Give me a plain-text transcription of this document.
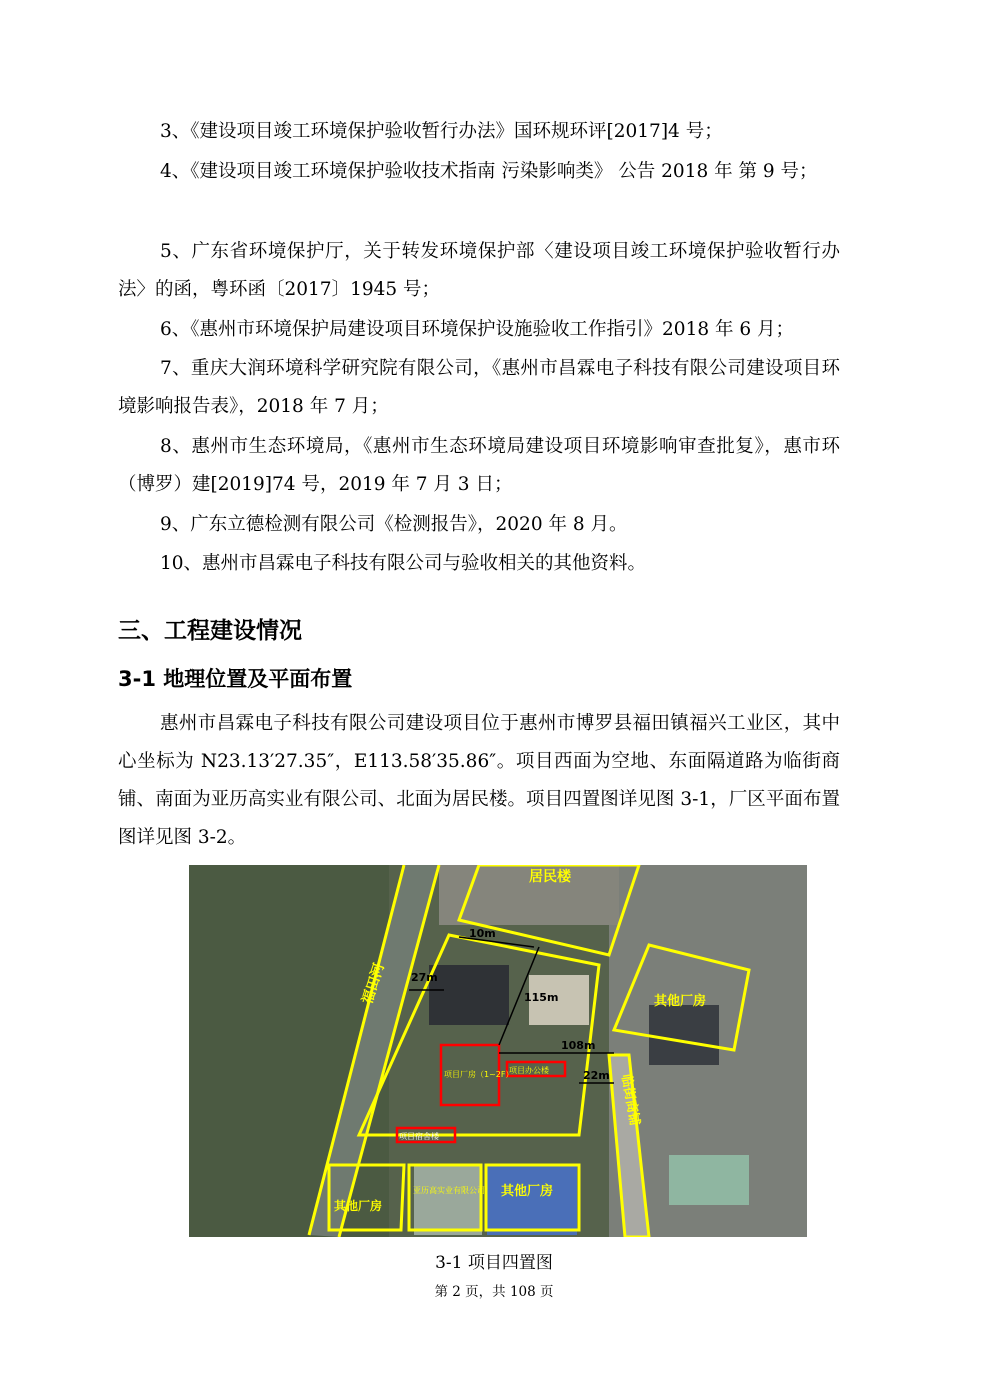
3、《建设项目竣工环境保护验收暂行办法》国环规环评[2017]4 号；
4、《建设项目竣工环境保护验收技术指南 污染影响类》 公告 2018 年 第 9 号；
5、广东省环境保护厅，关于转发环境保护部〈建设项目竣工环境保护验收暂行办法〉的函，粤环函〔2017〕1945 号；
6、《惠州市环境保护局建设项目环境保护设施验收工作指引》2018 年 6 月；
7、重庆大润环境科学研究院有限公司，《惠州市昌霖电子科技有限公司建设项目环境影响报告表》，2018 年 7 月；
8、惠州市生态环境局，《惠州市生态环境局建设项目环境影响审查批复》，惠市环（博罗）建[2019]74 号，2019 年 7 月 3 日；
9、广东立德检测有限公司《检测报告》，2020 年 8 月。
10、惠州市昌霖电子科技有限公司与验收相关的其他资料。
三、工程建设情况
3-1 地理位置及平面布置
惠州市昌霖电子科技有限公司建设项目位于惠州市博罗县福田镇福兴工业区，其中心坐标为 N23.13′27.35″，E113.58′35.86″。项目西面为空地、东面隔道路为临街商铺、南面为亚历高实业有限公司、北面为居民楼。项目四置图详见图 3-1，厂区平面布置图详见图 3-2。
居民楼
福田河	其他厂房
临街商铺
其他厂房
其他厂房
亚历高实业有限公司
项目厂房（1~2F）
项目办公楼
项目宿舍楼
10m
27m
115m
108m
22m
3-1 项目四置图
第 2 页，共 108 页
